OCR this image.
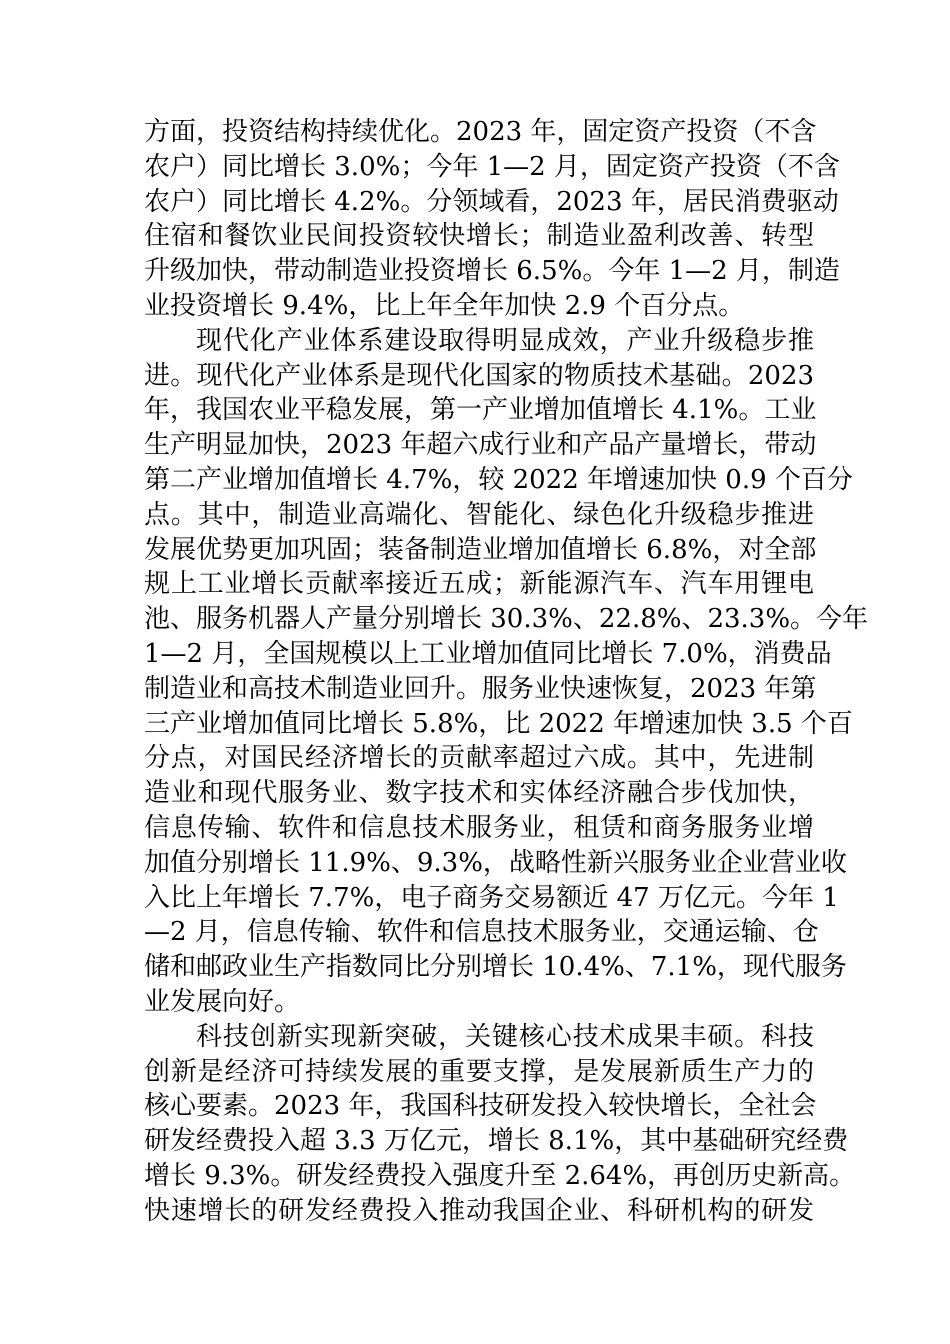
方面，投资结构持续优化。2023 年，固定资产投资（不含
农户）同比增长 3.0%；今年 1—2 月，固定资产投资（不含
农户）同比增长 4.2%。分领域看，2023 年，居民消费驱动
住宿和餐饮业民间投资较快增长；制造业盈利改善、转型
升级加快，带动制造业投资增长 6.5%。今年 1—2 月，制造
业投资增长 9.4%，比上年全年加快 2.9 个百分点。
现代化产业体系建设取得明显成效，产业升级稳步推
进。现代化产业体系是现代化国家的物质技术基础。2023
年，我国农业平稳发展，第一产业增加值增长 4.1%。工业
生产明显加快，2023 年超六成行业和产品产量增长，带动
第二产业增加值增长 4.7%，较 2022 年增速加快 0.9 个百分
点。其中，制造业高端化、智能化、绿色化升级稳步推进
发展优势更加巩固；装备制造业增加值增长 6.8%，对全部
规上工业增长贡献率接近五成；新能源汽车、汽车用锂电
池、服务机器人产量分别增长 30.3%、22.8%、23.3%。今年
1—2 月，全国规模以上工业增加值同比增长 7.0%，消费品
制造业和高技术制造业回升。服务业快速恢复，2023 年第
三产业增加值同比增长 5.8%，比 2022 年增速加快 3.5 个百
分点，对国民经济增长的贡献率超过六成。其中，先进制
造业和现代服务业、数字技术和实体经济融合步伐加快，
信息传输、软件和信息技术服务业，租赁和商务服务业增
加值分别增长 11.9%、9.3%，战略性新兴服务业企业营业收
入比上年增长 7.7%，电子商务交易额近 47 万亿元。今年 1
—2 月，信息传输、软件和信息技术服务业，交通运输、仓
储和邮政业生产指数同比分别增长 10.4%、7.1%，现代服务
业发展向好。
科技创新实现新突破，关键核心技术成果丰硕。科技
创新是经济可持续发展的重要支撑，是发展新质生产力的
核心要素。2023 年，我国科技研发投入较快增长，全社会
研发经费投入超 3.3 万亿元，增长 8.1%，其中基础研究经费
增长 9.3%。研发经费投入强度升至 2.64%，再创历史新高。
快速增长的研发经费投入推动我国企业、科研机构的研发
